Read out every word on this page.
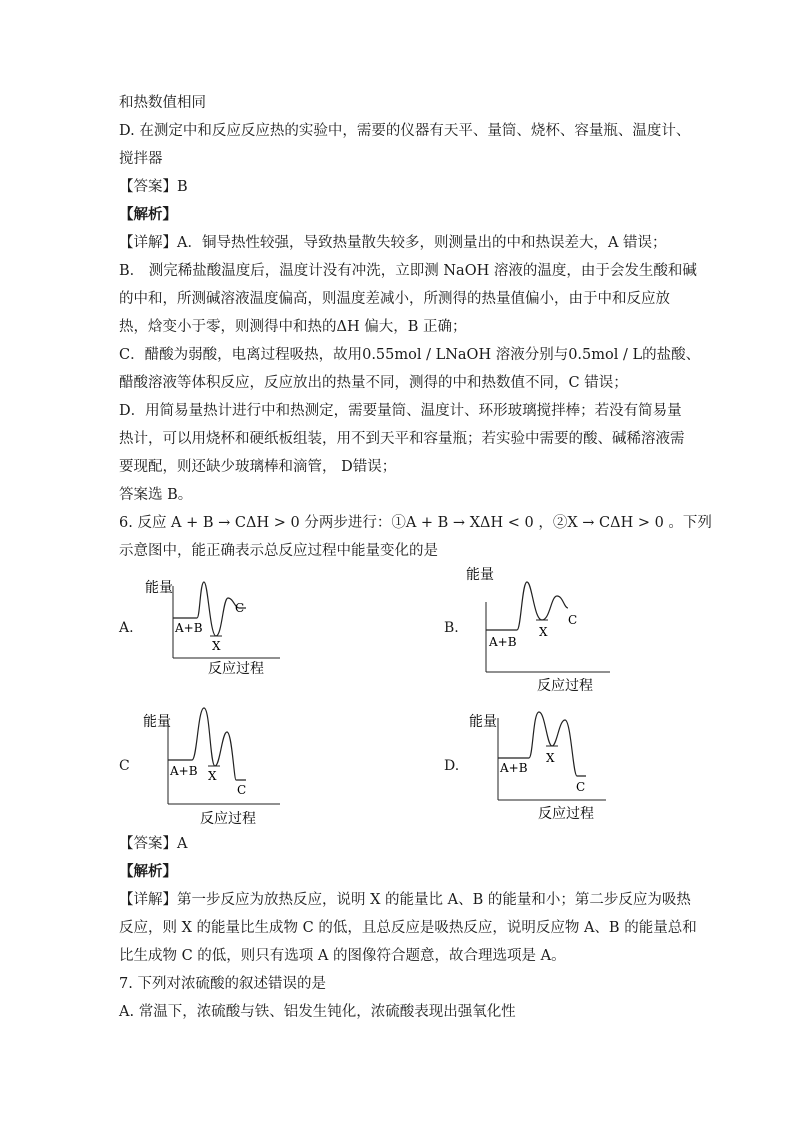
和热数值相同
D. 在测定中和反应反应热的实验中，需要的仪器有天平、量筒、烧杯、容量瓶、温度计、
搅拌器
【答案】B
【解析】
【详解】A．铜导热性较强，导致热量散失较多，则测量出的中和热误差大，A 错误；
B． 测完稀盐酸温度后，温度计没有冲洗，立即测 NaOH 溶液的温度，由于会发生酸和碱
的中和，所测碱溶液温度偏高，则温度差减小，所测得的热量值偏小，由于中和反应放
热，焓变小于零，则测得中和热的ΔH 偏大，B 正确；
C．醋酸为弱酸，电离过程吸热，故用0.55mol / LNaOH 溶液分别与0.5mol / L的盐酸、
醋酸溶液等体积反应，反应放出的热量不同，测得的中和热数值不同，C 错误；
D．用简易量热计进行中和热测定，需要量筒、温度计、环形玻璃搅拌棒；若没有简易量
热计，可以用烧杯和硬纸板组装，用不到天平和容量瓶；若实验中需要的酸、碱稀溶液需
要现配，则还缺少玻璃棒和滴管， D错误；
答案选 B。
6. 反应 A + B → CΔH > 0 分两步进行：①A + B → XΔH < 0 ，②X → CΔH > 0 。下列
示意图中，能正确表示总反应过程中能量变化的是
A.
能量
A+B
X
C
反应过程
B.
能量
A+B
X
C
反应过程
C
能量
A+B X
C
反应过程
D.
能量
A+B
X
C
反应过程
【答案】A
【解析】
【详解】第一步反应为放热反应，说明 X 的能量比 A、B 的能量和小；第二步反应为吸热
反应，则 X 的能量比生成物 C 的低，且总反应是吸热反应，说明反应物 A、B 的能量总和
比生成物 C 的低，则只有选项 A 的图像符合题意，故合理选项是 A。
7. 下列对浓硫酸的叙述错误的是
A. 常温下，浓硫酸与铁、铝发生钝化，浓硫酸表现出强氧化性
